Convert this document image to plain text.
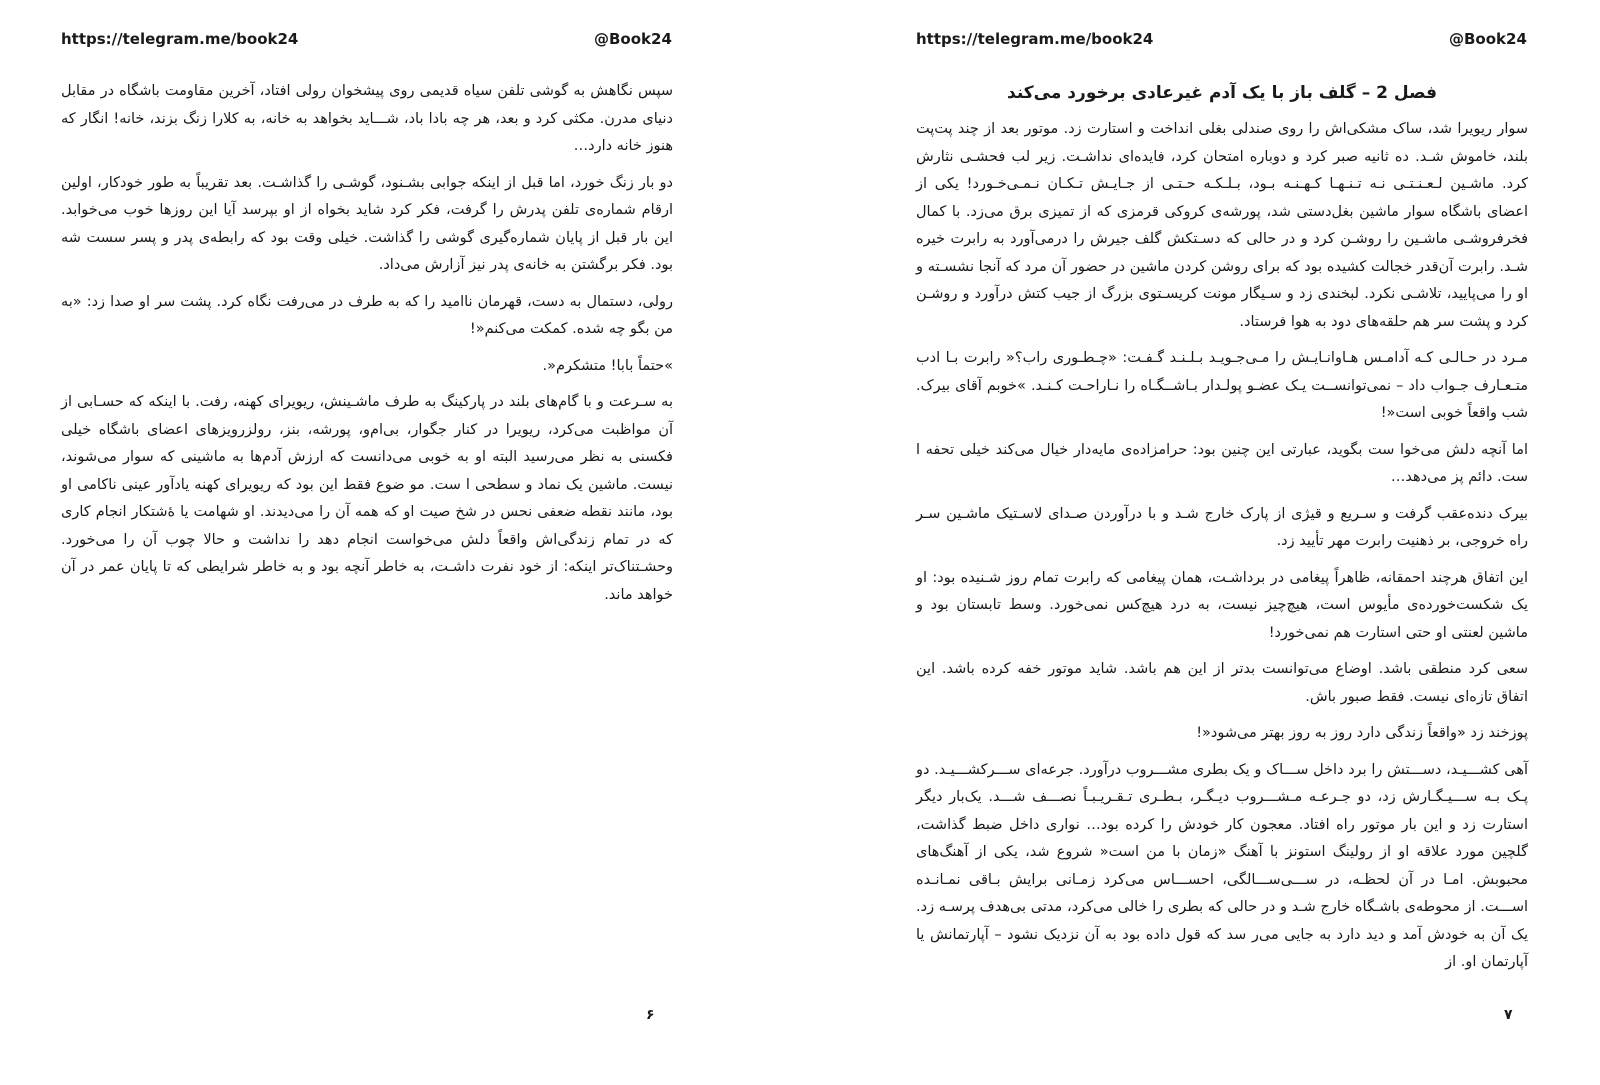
https://telegram.me/book24	@Book24

سپس نگاهش به گوشی تلفن سیاه قدیمی روی پیشخوان رولی افتاد، آخرین مقاومت باشگاه در مقابل دنیای مدرن. مکثی کرد و بعد، هر چه بادا باد، شـــاید بخواهد به خانه، به کلارا زنگ بزند، خانه! انگار که هنوز خانه دارد…

دو بار زنگ خورد، اما قبل از اینکه جوابی بشـنود، گوشـی را گذاشـت. بعد تقریباً به طور خودکار، اولین ارقام شماره‌ی تلفن پدرش را گرفت، فکر کرد شاید بخواه از او بپرسد آیا این روزها خوب می‌خوابد. این بار قبل از پایان شماره‌گیری گوشی را گذاشت. خیلی وقت بود که رابطه‌ی پدر و پسر سست شه بود. فکر برگشتن به خانه‌ی پدر نیز آزارش می‌داد.

رولی، دستمال به دست، قهرمان ناامید را که به طرف در می‌رفت نگاه کرد. پشت سر او صدا زد: «به من بگو چه شده. کمکت می‌کنم«!

»حتماً بابا! متشکرم«.

به سـرعت و با گام‌های بلند در پارکینگ به طرف ماشـینش، ریویرای کهنه، رفت. با اینکه که حسـابی از آن مواظبت می‌کرد، ریویرا در کنار جگوار، بی‌ام‌و، پورشه، بنز، رولزرویزهای اعضای باشگاه خیلی فکسنی به نظر می‌رسید البته او به خوبی می‌دانست که ارزش آدم‌ها به ماشینی که سوار می‌شوند، نیست. ماشین یک نماد و سطحی ا ست. مو ضوع فقط این بود که ریویرای کهنه یادآور عینی ناکامی او بود، مانند نقطه ضعفی نحس در شخ صیت او که همه آن را می‌دیدند. او شهامت یا ۀشتکار انجام کاری که در تمام زندگی‌اش واقعاً دلش می‌خواست انجام دهد را نداشت و حالا چوب آن را می‌خورد. وحشـتناک‌تر اینکه: از خود نفرت داشـت، به خاطر آنچه بود و به خاطر شرایطی که تا پایان عمر در آن خواهد ماند.

۶
https://telegram.me/book24	@Book24
فصل 2 – گلف باز با یک آدم غیرعادی برخورد می‌کند

سوار ریویرا شد، ساک مشکی‌اش را روی صندلی بغلی انداخت و استارت زد. موتور بعد از چند پت‌پت بلند، خاموش شـد. ده ثانیه صبر کرد و دوباره امتحان کرد، فایده‌ای نداشـت. زیر لب فحشـی نثارش کرد. ماشـین لـعـنـتـی نـه تـنـهـا کـهـنـه بـود، بـلـکـه حـتـی از جـایـش تـکـان نـمـی‌خـورد! یکی از اعضای باشگاه سوار ماشین بغل‌دستی شد، پورشه‌ی کروکی قرمزی که از تمیزی برق می‌زد. با کمال فخرفروشـی ماشـین را روشـن کرد و در حالی که دسـتکش گلف جیرش را درمی‌آورد به رابرت خیره شـد. رابرت آن‌قدر خجالت کشیده بود که برای روشن کردن ماشین در حضور آن مرد که آنجا نشسـته و او را می‌پایید، تلاشـی نکرد. لبخندی زد و سـیگار مونت کریسـتوی بزرگ از جیب کتش درآورد و روشـن کرد و پشت سر هم حلقه‌های دود به هوا فرستاد.

مـرد در حـالـی کـه آدامـس هـاوانـایـش را مـی‌جـویـد بـلـنـد گـفـت: «چـطـوری راب؟« رابرت بـا ادب متـعـارف جـواب داد – نمی‌توانســت یـک عضـو پولـدار بـاشــگـاه را نـاراحـت کـنـد. »خوبم آقای بیرک. شب واقعاً خوبی است«!

اما آنچه دلش می‌خوا ست بگوید، عبارتی این چنین بود: حرامزاده‌ی مایه‌دار خیال می‌کند خیلی تحفه ا ست. دائم پز می‌دهد…

بیرک دنده‌عقب گرفت و سـریع و قیژی از پارک خارج شـد و با درآوردن صـدای لاسـتیک ماشـین سـر راه خروجی، بر ذهنیت رابرت مهر تأیید زد.

این اتفاق هرچند احمقانه، ظاهراً پیغامی در برداشـت، همان پیغامی که رابرت تمام روز شـنیده بود: او یک شکست‌خورده‌ی مأیوس است، هیچ‌چیز نیست، به درد هیچ‌کس نمی‌خورد. وسط تابستان بود و ماشین لعنتی او حتی استارت هم نمی‌خورد!

سعی کرد منطقی باشد. اوضاع می‌توانست بدتر از این هم باشد. شاید موتور خفه کرده باشد. این اتفاق تازه‌ای نیست. فقط صبور باش.

پوزخند زد «واقعاً زندگی دارد روز به روز بهتر می‌شود«!

آهی کشـــیـد، دســـتش را برد داخل ســـاک و یک بطری مشـــروب درآورد. جرعه‌ای ســـرکشـــیـد. دو پـک بـه ســـیـگـارش زد، دو جـرعـه مـشـــروب دیـگـر، بـطـری تـقـریـبـاً نصـــف شـــد. یک‌بار دیگر استارت زد و این بار موتور راه افتاد. معجون کار خودش را کرده بود… نواری داخل ضبط گذاشت، گلچین مورد علاقه او از رولینگ استونز با آهنگ «زمان با من است« شروع شد، یکی از آهنگ‌های محبوبش. امـا در آن لحظـه، در ســـی‌ســـالگی، احســـاس می‌کرد زمـانی برایش بـاقی نمـانـده اســـت. از محوطه‌ی باشـگاه خارج شـد و در حالی که بطری را خالی می‌کرد، مدتی بی‌هدف پرسـه زد. یک آن به خودش آمد و دید دارد به جایی می‌ر سد که قول داده بود به آن نزدیک نشود – آپارتمانش یا آپارتمان او. از

۷
